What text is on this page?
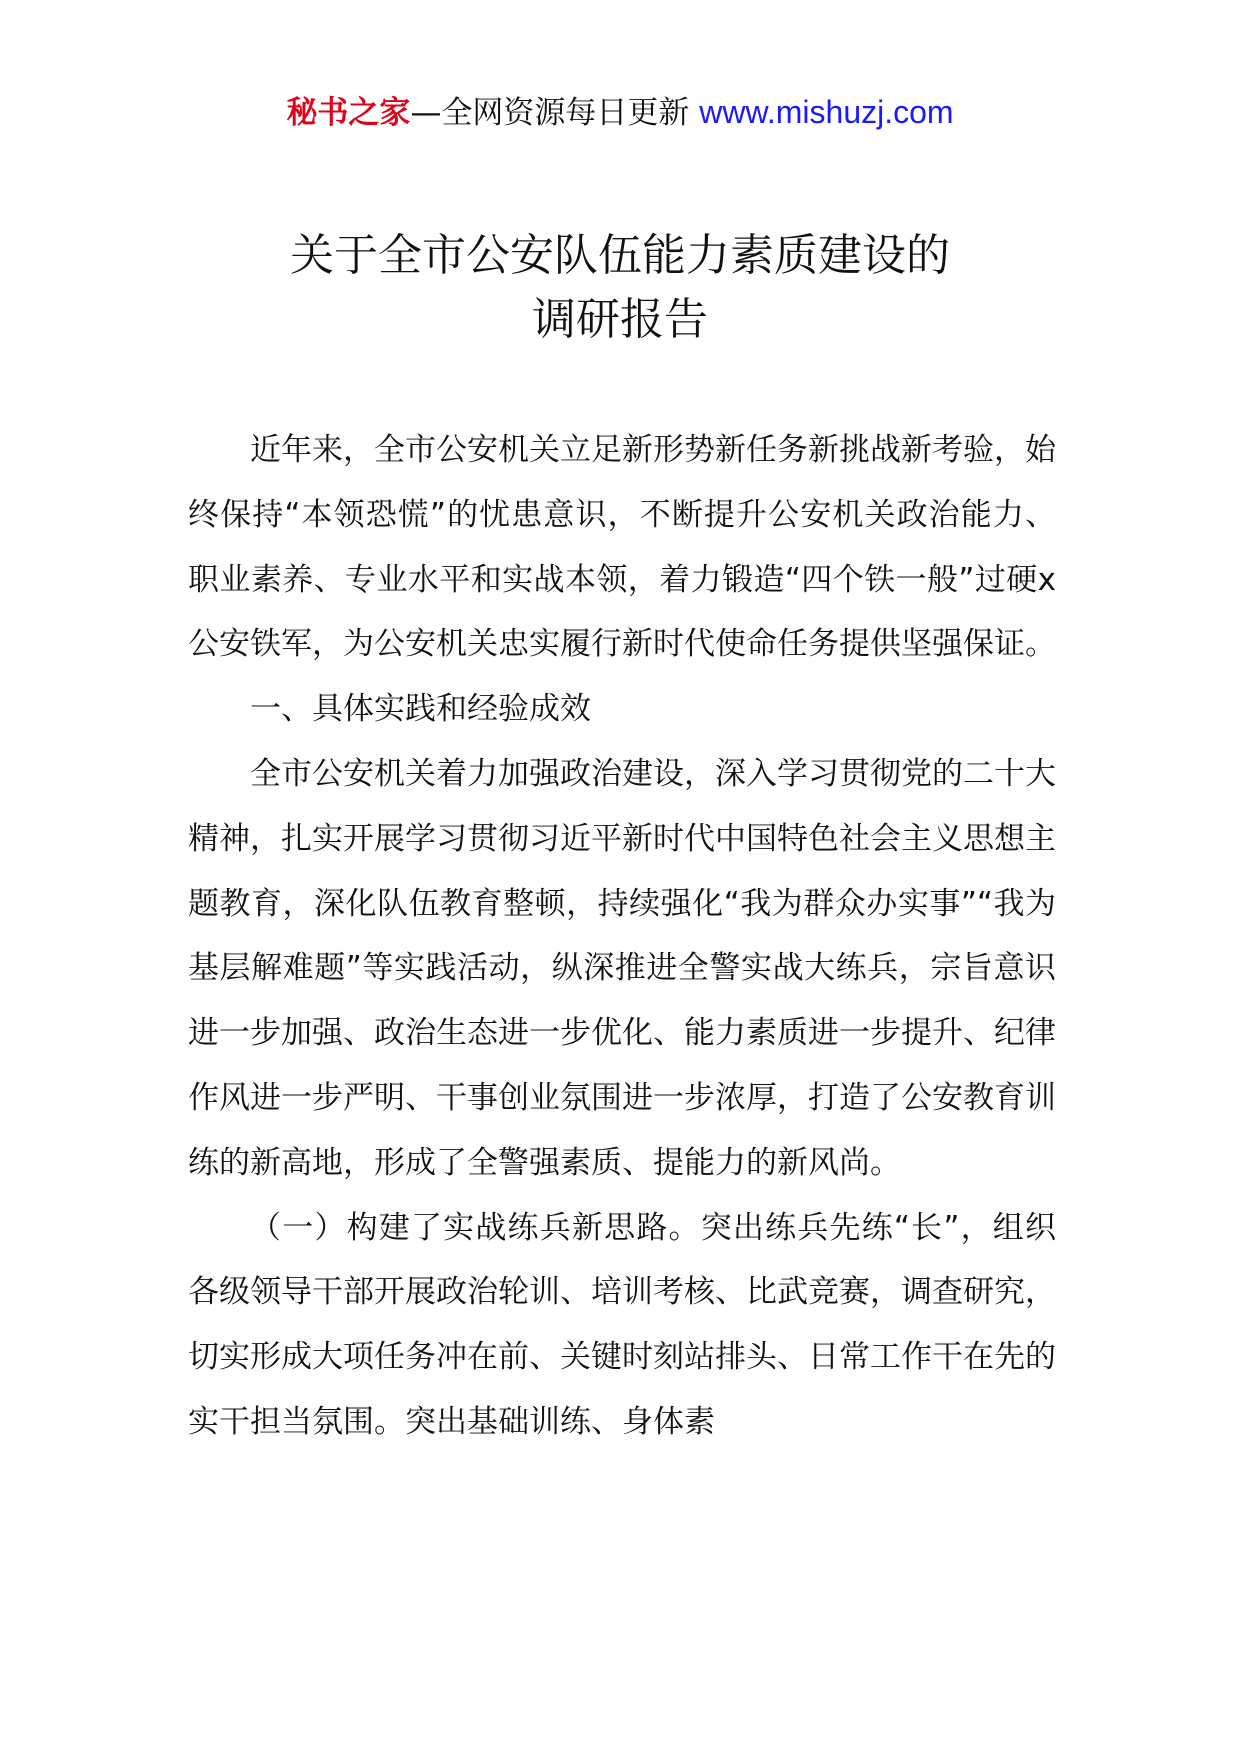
秘书之家—全网资源每日更新 www.mishuzj.com
关于全市公安队伍能力素质建设的
调研报告

近年来，全市公安机关立足新形势新任务新挑战新考验，始终保持“本领恐慌”的忧患意识，不断提升公安机关政治能力、职业素养、专业水平和实战本领，着力锻造“四个铁一般”过硬x公安铁军，为公安机关忠实履行新时代使命任务提供坚强保证。

一、具体实践和经验成效

全市公安机关着力加强政治建设，深入学习贯彻党的二十大精神，扎实开展学习贯彻习近平新时代中国特色社会主义思想主题教育，深化队伍教育整顿，持续强化“我为群众办实事”“我为基层解难题”等实践活动，纵深推进全警实战大练兵，宗旨意识进一步加强、政治生态进一步优化、能力素质进一步提升、纪律作风进一步严明、干事创业氛围进一步浓厚，打造了公安教育训练的新高地，形成了全警强素质、提能力的新风尚。

（一）构建了实战练兵新思路。突出练兵先练“长”，组织各级领导干部开展政治轮训、培训考核、比武竞赛，调查研究，切实形成大项任务冲在前、关键时刻站排头、日常工作干在先的实干担当氛围。突出基础训练、身体素
